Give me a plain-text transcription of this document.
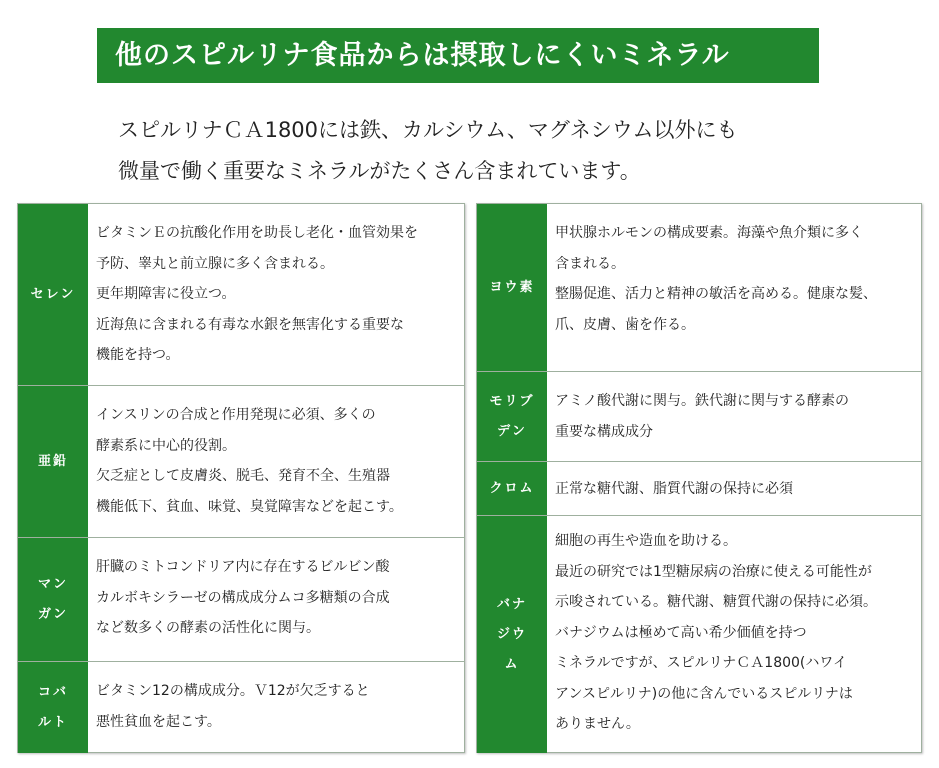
他のスピルリナ食品からは摂取しにくいミネラル
スピルリナＣＡ1800には鉄、カルシウム、マグネシウム以外にも
微量で働く重要なミネラルがたくさん含まれています。
セレン
ビタミンＥの抗酸化作用を助長し老化・血管効果を
予防、睾丸と前立腺に多く含まれる。
更年期障害に役立つ。
近海魚に含まれる有毒な水銀を無害化する重要な
機能を持つ。
亜鉛
インスリンの合成と作用発現に必須、多くの
酵素系に中心的役割。
欠乏症として皮膚炎、脱毛、発育不全、生殖器
機能低下、貧血、味覚、臭覚障害などを起こす。
マンガン
肝臓のミトコンドリア内に存在するビルビン酸
カルボキシラーゼの構成成分ムコ多糖類の合成
など数多くの酵素の活性化に関与。
コバルト
ビタミン12の構成成分。Ｖ12が欠乏すると
悪性貧血を起こす。
ヨウ素
甲状腺ホルモンの構成要素。海藻や魚介類に多く
含まれる。
整腸促進、活力と精神の敏活を高める。健康な髪、
爪、皮膚、歯を作る。
モリブデン
アミノ酸代謝に関与。鉄代謝に関与する酵素の
重要な構成成分
クロム	正常な糖代謝、脂質代謝の保持に必須
バナジウム
細胞の再生や造血を助ける。
最近の研究では1型糖尿病の治療に使える可能性が
示唆されている。糖代謝、糖質代謝の保持に必須。
バナジウムは極めて高い希少価値を持つ
ミネラルですが、スピルリナＣＡ1800(ハワイ
アンスピルリナ)の他に含んでいるスピルリナは
ありません。
